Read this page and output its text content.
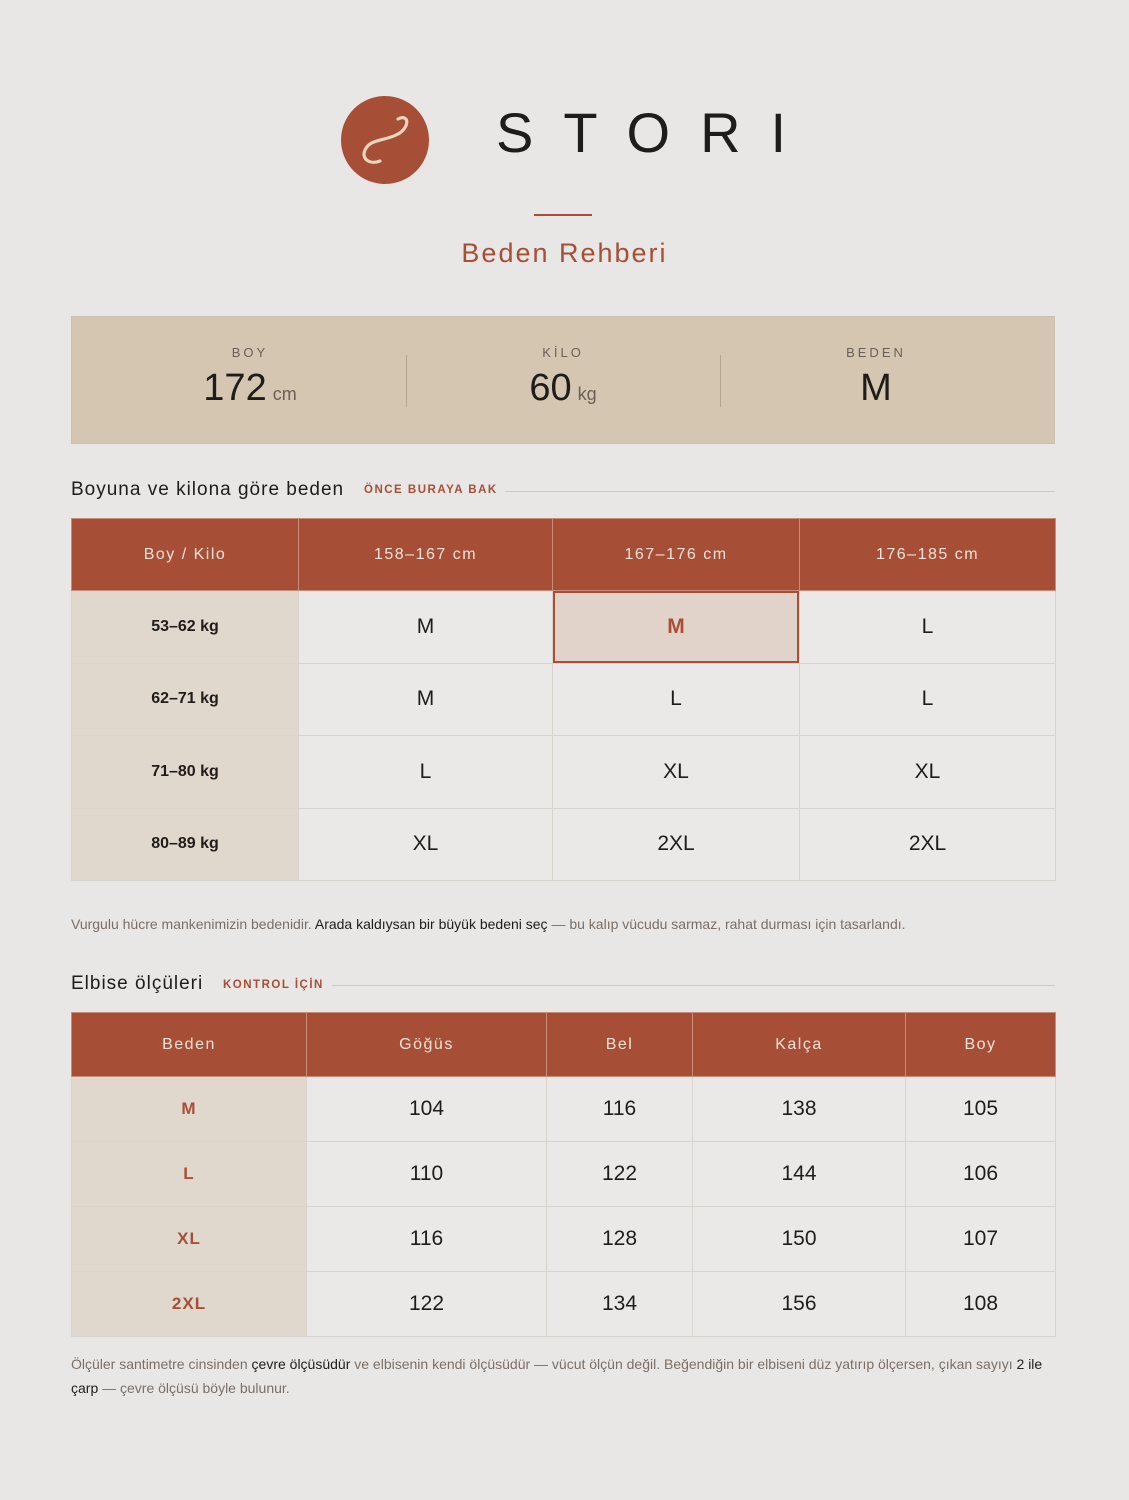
STORI
Beden Rehberi
BOY
172 cm
KİLO
60 kg
BEDEN
M
Boyuna ve kilona göre beden ÖNCE BURAYA BAK
Boy / Kilo	158–167 cm	167–176 cm	176–185 cm
53–62 kg	M	M	L
62–71 kg	M	L	L
71–80 kg	L	XL	XL
80–89 kg	XL	2XL	2XL
Vurgulu hücre mankenimizin bedenidir. Arada kaldıysan bir büyük bedeni seç — bu kalıp vücudu sarmaz, rahat durması için tasarlandı.
Elbise ölçüleri KONTROL İÇİN
Beden	Göğüs	Bel	Kalça	Boy
M	104	116	138	105
L	110	122	144	106
XL	116	128	150	107
2XL	122	134	156	108
Ölçüler santimetre cinsinden çevre ölçüsüdür ve elbisenin kendi ölçüsüdür — vücut ölçün değil. Beğendiğin bir elbiseni düz yatırıp ölçersen, çıkan sayıyı 2 ile çarp — çevre ölçüsü böyle bulunur.
